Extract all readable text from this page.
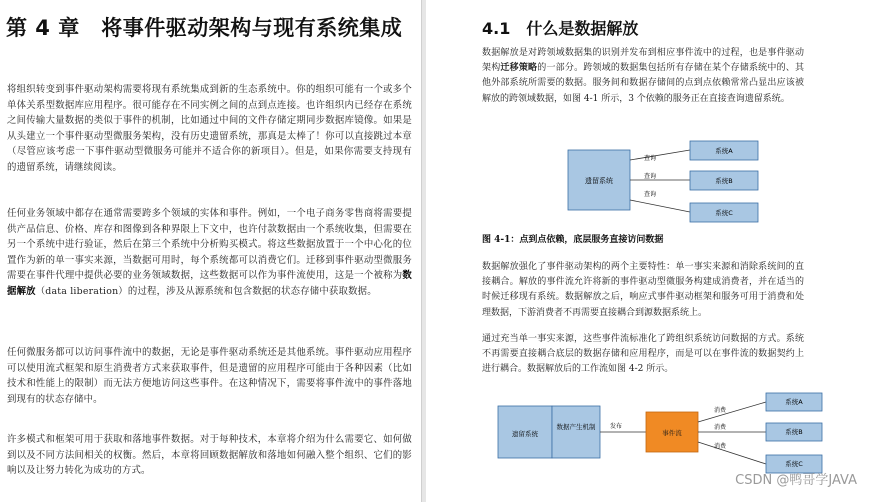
第 4 章　将事件驱动架构与现有系统集成
将组织转变到事件驱动架构需要将现有系统集成到新的生态系统中。你的组织可能有一个或多个单体关系型数据库应用程序。很可能存在不同实例之间的点到点连接。也许组织内已经存在系统之间传输大量数据的类似于事件的机制，比如通过中间的文件存储定期同步数据库镜像。如果是从头建立一个事件驱动型微服务架构，没有历史遗留系统，那真是太棒了！你可以直接跳过本章（尽管应该考虑一下事件驱动型微服务可能并不适合你的新项目）。但是，如果你需要支持现有的遗留系统，请继续阅读。
任何业务领域中都存在通常需要跨多个领域的实体和事件。例如，一个电子商务零售商将需要提供产品信息、价格、库存和图像到各种界限上下文中，也许付款数据由一个系统收集，但需要在另一个系统中进行验证，然后在第三个系统中分析购买模式。将这些数据放置于一个中心化的位置作为新的单一事实来源，当数据可用时，每个系统都可以消费它们。迁移到事件驱动型微服务需要在事件代理中提供必要的业务领域数据，这些数据可以作为事件流使用，这是一个被称为数据解放（data liberation）的过程，涉及从源系统和包含数据的状态存储中获取数据。
任何微服务都可以访问事件流中的数据，无论是事件驱动系统还是其他系统。事件驱动应用程序可以使用流式框架和原生消费者方式来获取事件，但是遗留的应用程序可能由于各种因素（比如技术和性能上的限制）而无法方便地访问这些事件。在这种情况下，需要将事件流中的事件落地到现有的状态存储中。
许多模式和框架可用于获取和落地事件数据。对于每种技术，本章将介绍为什么需要它、如何做到以及不同方法间相关的权衡。然后，本章将回顾数据解放和落地如何融入整个组织、它们的影响以及让努力转化为成功的方式。
4.1　什么是数据解放
数据解放是对跨领域数据集的识别并发布到相应事件流中的过程，也是事件驱动架构迁移策略的一部分。跨领域的数据集包括所有存储在某个存储系统中的、其他外部系统所需要的数据。服务间和数据存储间的点到点依赖常常凸显出应该被解放的跨领域数据，如图 4-1 所示，3 个依赖的服务正在直接查询遗留系统。
遗留系统
查询
查询
查询
系统A
系统B
系统C
图 4-1：点到点依赖，底层服务直接访问数据
数据解放强化了事件驱动架构的两个主要特性：单一事实来源和消除系统间的直接耦合。解放的事件流允许将新的事件驱动型微服务构建成消费者，并在适当的时候迁移现有系统。数据解放之后，响应式事件驱动框架和服务可用于消费和处理数据，下游消费者不再需要直接耦合到源数据系统上。
通过充当单一事实来源，这些事件流标准化了跨组织系统访问数据的方式。系统不再需要直接耦合底层的数据存储和应用程序，而是可以在事件流的数据契约上进行耦合。数据解放后的工作流如图 4-2 所示。
遗留系统
数据产生机制 发布
事件流
消费
消费
消费
系统A
系统B
系统C
CSDN @鸭哥学JAVA
